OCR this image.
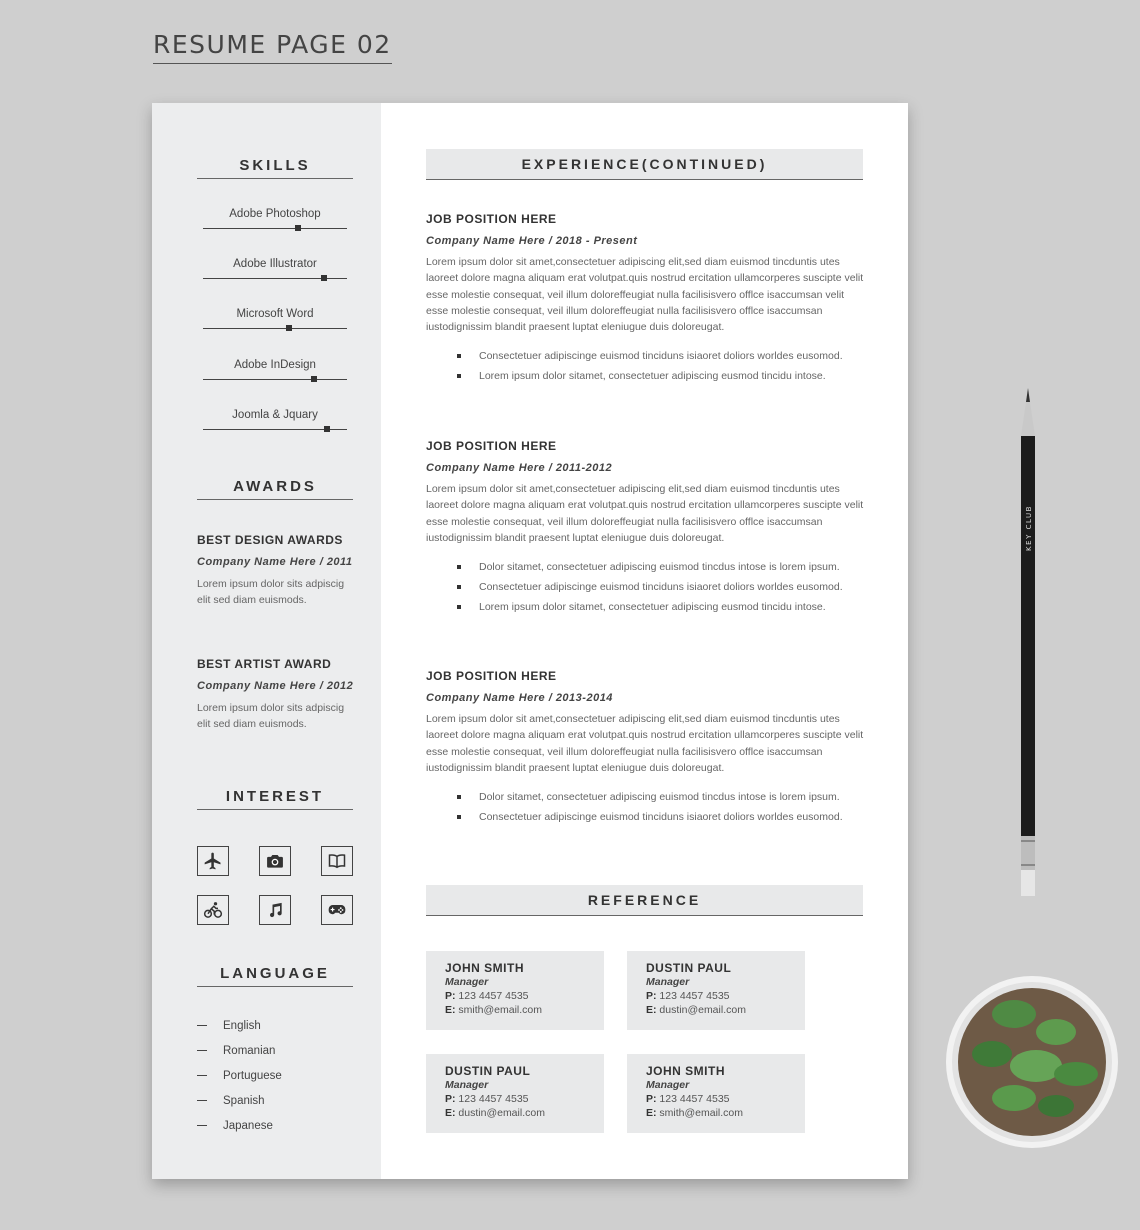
RESUME PAGE 02
SKILLS
Adobe Photoshop
Adobe Illustrator
Microsoft Word
Adobe InDesign
Joomla & Jquary
AWARDS
BEST DESIGN AWARDS
Company Name Here / 2011
Lorem ipsum dolor sits adpiscig elit sed diam euismods.
BEST ARTIST AWARD
Company Name Here / 2012
Lorem ipsum dolor sits adpiscig elit sed diam euismods.
INTEREST
LANGUAGE
English
Romanian
Portuguese
Spanish
Japanese
EXPERIENCE(CONTINUED)
JOB POSITION HERE
Company Name Here / 2018 - Present
Lorem ipsum dolor sit amet,consectetuer adipiscing elit,sed diam euismod tincduntis utes laoreet dolore magna aliquam erat volutpat.quis nostrud ercitation ullamcorperes suscipte velit esse molestie consequat, veil illum doloreffeugiat nulla facilisisvero offlce isaccumsan velit esse molestie consequat, veil illum doloreffeugiat nulla facilisisvero offlce isaccumsan iustodignissim blandit praesent luptat eleniugue duis doloreugat.
Consectetuer adipiscinge euismod tinciduns isiaoret doliors worldes eusomod.
Lorem ipsum dolor sitamet, consectetuer adipiscing eusmod tincidu intose.
JOB POSITION HERE
Company Name Here / 2011-2012
Lorem ipsum dolor sit amet,consectetuer adipiscing elit,sed diam euismod tincduntis utes laoreet dolore magna aliquam erat volutpat.quis nostrud ercitation ullamcorperes suscipte velit esse molestie consequat, veil illum doloreffeugiat nulla facilisisvero offlce isaccumsan iustodignissim blandit praesent luptat eleniugue duis doloreugat.
Dolor sitamet, consectetuer adipiscing euismod tincdus intose is lorem ipsum.
Consectetuer adipiscinge euismod tinciduns isiaoret doliors worldes eusomod.
Lorem ipsum dolor sitamet, consectetuer adipiscing eusmod tincidu intose.
JOB POSITION HERE
Company Name Here / 2013-2014
Lorem ipsum dolor sit amet,consectetuer adipiscing elit,sed diam euismod tincduntis utes laoreet dolore magna aliquam erat volutpat.quis nostrud ercitation ullamcorperes suscipte velit esse molestie consequat, veil illum doloreffeugiat nulla facilisisvero offlce isaccumsan iustodignissim blandit praesent luptat eleniugue duis doloreugat.
Dolor sitamet, consectetuer adipiscing euismod tincdus intose is lorem ipsum.
Consectetuer adipiscinge euismod tinciduns isiaoret doliors worldes eusomod.
REFERENCE
JOHN SMITH
Manager
P: 123 4457 4535
E: smith@email.com
DUSTIN PAUL
Manager
P: 123 4457 4535
E: dustin@email.com
DUSTIN PAUL
Manager
P: 123 4457 4535
E: dustin@email.com
JOHN SMITH
Manager
P: 123 4457 4535
E: smith@email.com
KEY CLUB
